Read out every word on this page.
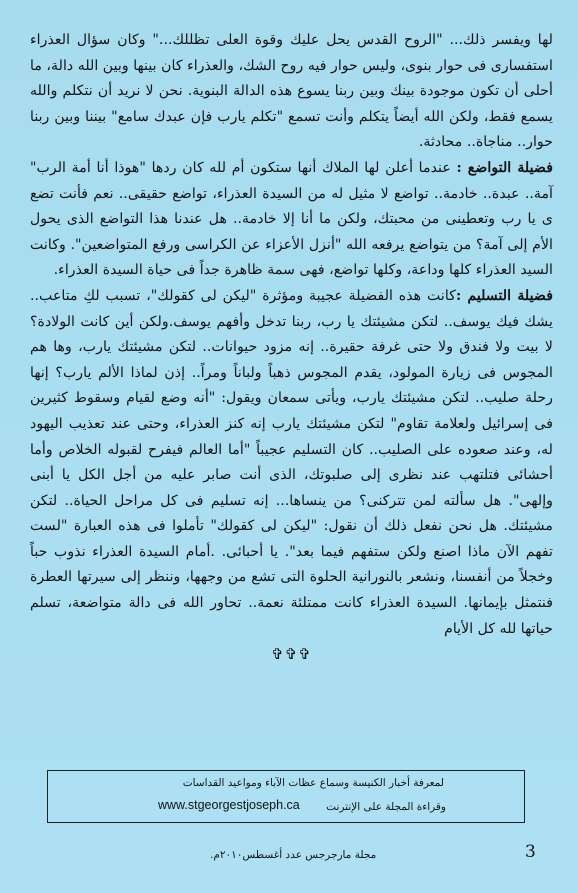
لها ويفسر ذلك... "الروح القدس يحل عليك وقوة العلى تظللك..." وكان سؤال العذراء استفسارى فى حوار بنوى، وليس حوار فيه روح الشك، والعذراء كان بينها وبين الله دالة، ما أحلى أن تكون موجودة بينك وبين ربنا يسوع هذه الدالة البنوية. نحن لا نريد أن نتكلم والله يسمع فقط، ولكن الله أيضاً يتكلم وأنت تسمع "تكلم يارب فإن عبدك سامع" بيننا وبين ربنا حوار.. مناجاة.. محادثة.

فضيلة التواضع : عندما أعلن لها الملاك أنها ستكون أم لله كان ردها "هوذا أنا أمة الرب" آمة.. عبدة.. خادمة.. تواضع لا مثيل له من السيدة العذراء، تواضع حقيقى.. نعم فأنت تضع ى يا رب وتعطينى من محبتك، ولكن ما أنا إلا خادمة.. هل عندنا هذا التواضع الذى يحول الأم إلى آمة؟ من يتواضع يرفعه الله "أنزل الأعزاء عن الكراسى ورفع المتواضعين". وكانت السيد العذراء كلها وداعة، وكلها تواضع، فهى سمة ظاهرة جداً فى حياة السيدة العذراء.

فضيلة التسليم :كانت هذه الفضيلة عجيبة ومؤثرة "ليكن لى كقولك"، تسبب لكِ متاعب.. يشك فيك يوسف.. لتكن مشيئتك يا رب، ربنا تدخل وأفهم يوسف.ولكن أين كانت الولادة؟ لا بيت ولا فندق ولا حتى غرفة حقيرة.. إنه مزود حيوانات.. لتكن مشيئتك يارب، وها هم المجوس فى زيارة المولود، يقدم المجوس ذهباً ولباناً ومراً.. إذن لماذا الألم يارب؟ إنها رحلة صليب.. لتكن مشيئتك يارب، ويأتى سمعان ويقول: "أنه وضع لقيام وسقوط كثيرين فى إسرائيل ولعلامة تقاوم" لتكن مشيئتك يارب إنه كنز العذراء، وحتى عند تعذيب اليهود له، وعند صعوده على الصليب.. كان التسليم عجيباً "أما العالم فيفرح لقبوله الخلاص وأما أحشائى فتلتهب عند نظرى إلى صلبوتك، الذى أنت صابر عليه من أجل الكل يا أبنى وإلهى". هل سألته لمن تتركنى؟ من ينساها... إنه تسليم فى كل مراحل الحياة.. لتكن مشيئتك. هل نحن نفعل ذلك أن نقول: "ليكن لى كقولك" تأملوا فى هذه العبارة "لست تفهم الآن ماذا اصنع ولكن ستفهم فيما بعد". يا أحبائى. .أمام السيدة العذراء نذوب حباً وخجلاً من أنفسنا، ونشعر بالنورانية الحلوة التى تشع من وجهها، وننظر إلى سيرتها العطرة فنتمثل بإيمانها. السيدة العذراء كانت ممتلئة نعمة.. تحاور الله فى دالة متواضعة، تسلم حياتها لله كل الأيام

✞✞✞
لمعرفة أخبار الكنيسة وسماع عظات الآباء ومواعيد القداسات
وقراءة المجلة على الإنترنت
www.stgeorgestjoseph.ca
مجلة مارجرجس عدد أغسطس٢٠١٠م.	3
